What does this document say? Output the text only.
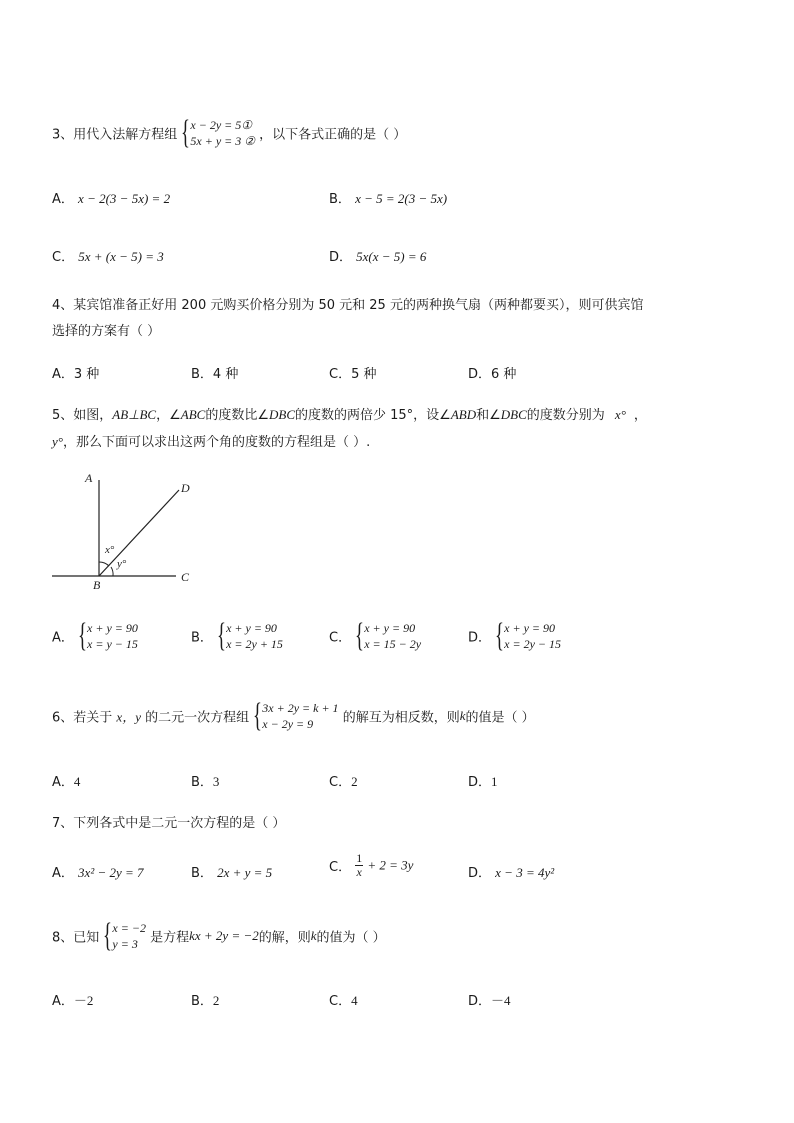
3、用代入法解方程组 { x − 2y = 5①
5x + y = 3 ② ，以下各式正确的是（ ）
A． x − 2(3 − 5x) = 2	B． x − 5 = 2(3 − 5x)
C． 5x + (x − 5) = 3	D． 5x(x − 5) = 6
4、某宾馆准备正好用 200 元购买价格分别为 50 元和 25 元的两种换气扇（两种都要买），则可供宾馆
选择的方案有（ ）
A．3 种	B．4 种	C．5 种	D．6 种
5、如图，AB⊥BC，∠ABC的度数比∠DBC的度数的两倍少 15°，设∠ABD和∠DBC的度数分别为 x° ，
y°，那么下面可以求出这两个角的度数的方程组是（ ）.
A
D
B
C
x°
y°
A． { x + y = 90
x = y − 15	B． { x + y = 90
x = 2y + 15	C． { x + y = 90
x = 15 − 2y	D． { x + y = 90
x = 2y − 15
6、若关于 x，y 的二元一次方程组 { 3x + 2y = k + 1
x − 2y = 9	的解互为相反数，则k的值是（ ）
A．4	B．3	C．2	D．1
7、下列各式中是二元一次方程的是（ ）
A． 3x² − 2y = 7	B． 2x + y = 5	C． $\frac{1}{x} + 2 = 3y$
D． x − 3 = 4y²
8、已知 { x = −2
y = 3 是方程kx + 2y = −2的解，则k的值为（ ）
A．－2	B．2	C．4	D．－4
